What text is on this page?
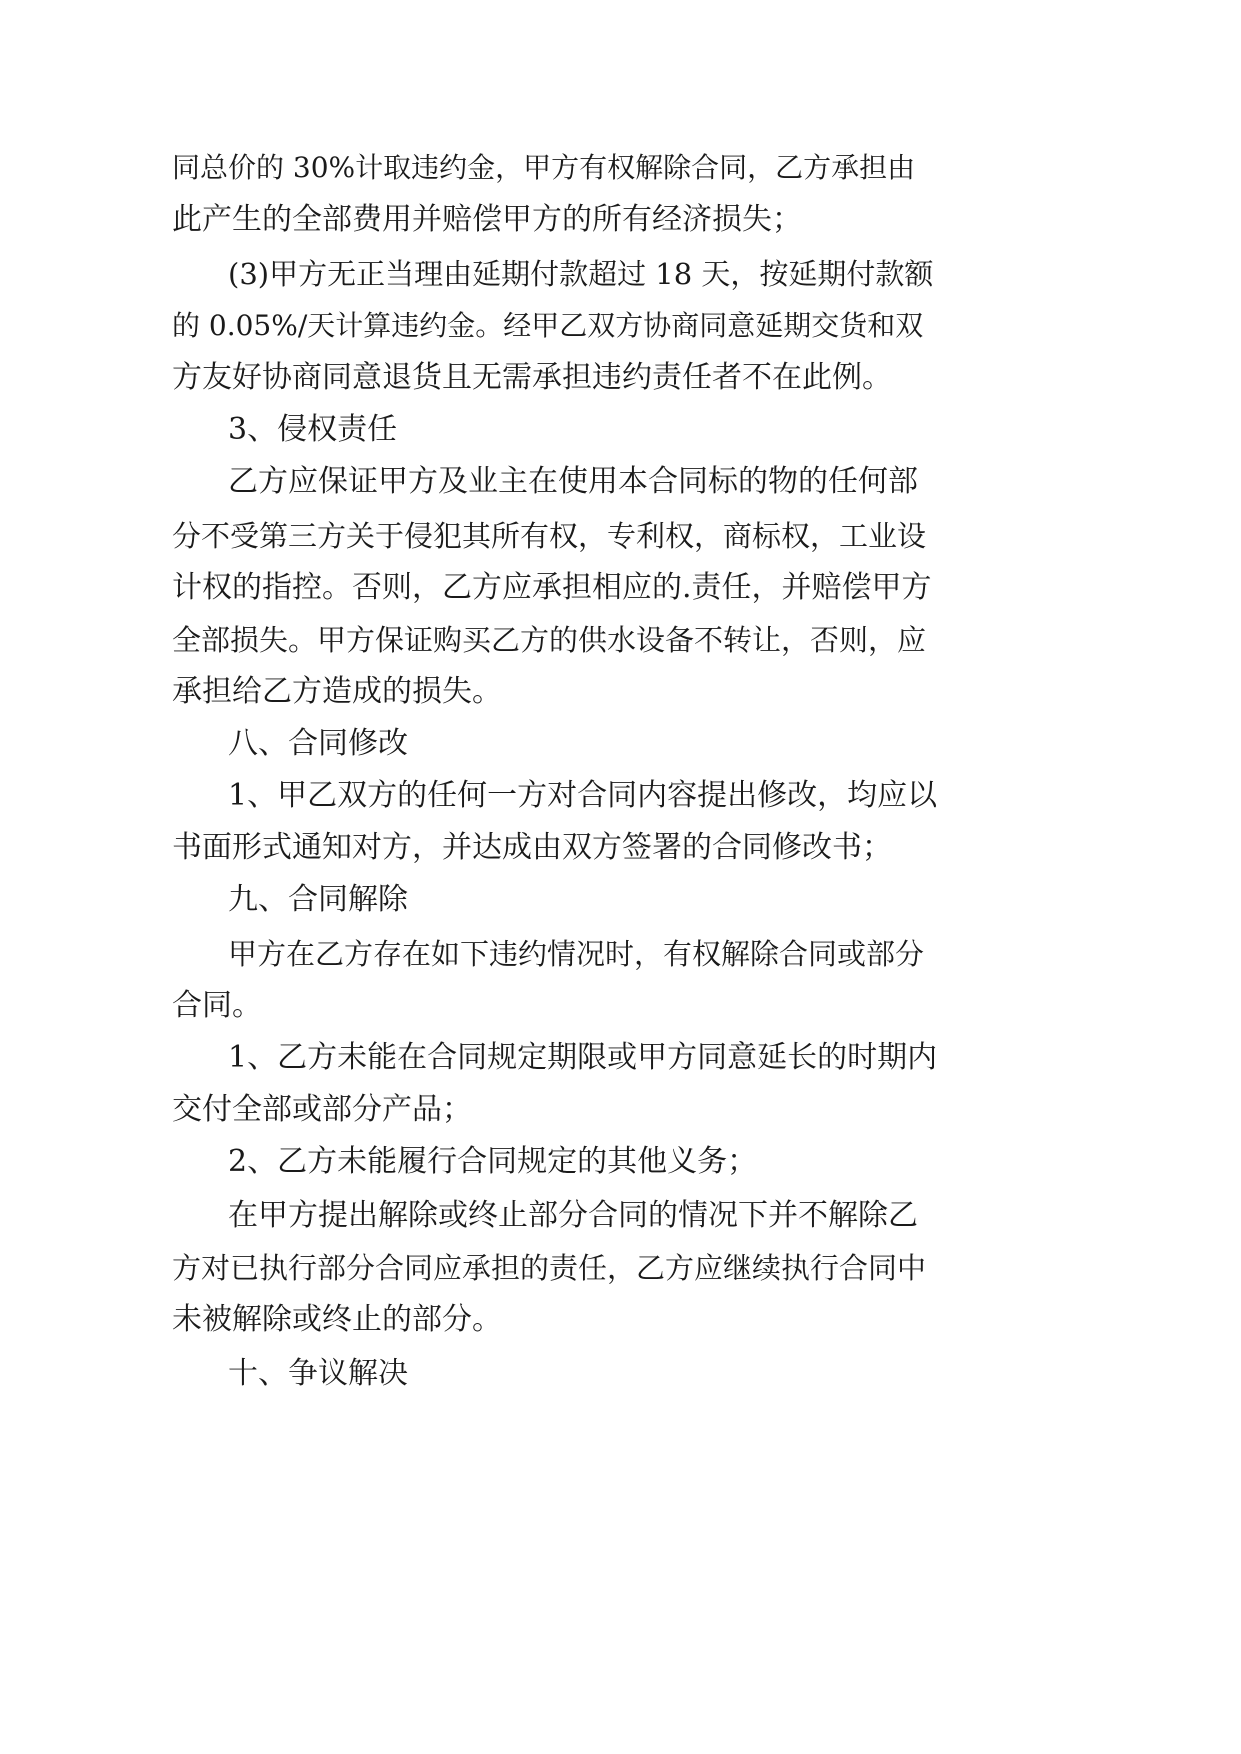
同总价的 30%计取违约金，甲方有权解除合同，乙方承担由
此产生的全部费用并赔偿甲方的所有经济损失；
(3)甲方无正当理由延期付款超过 18 天，按延期付款额
的 0.05%/天计算违约金。经甲乙双方协商同意延期交货和双
方友好协商同意退货且无需承担违约责任者不在此例。
3、侵权责任
乙方应保证甲方及业主在使用本合同标的物的任何部
分不受第三方关于侵犯其所有权，专利权，商标权，工业设
计权的指控。否则，乙方应承担相应的.责任，并赔偿甲方
全部损失。甲方保证购买乙方的供水设备不转让，否则，应
承担给乙方造成的损失。
八、合同修改
1、甲乙双方的任何一方对合同内容提出修改，均应以
书面形式通知对方，并达成由双方签署的合同修改书；
九、合同解除
甲方在乙方存在如下违约情况时，有权解除合同或部分
合同。
1、乙方未能在合同规定期限或甲方同意延长的时期内
交付全部或部分产品；
2、乙方未能履行合同规定的其他义务；
在甲方提出解除或终止部分合同的情况下并不解除乙
方对已执行部分合同应承担的责任，乙方应继续执行合同中
未被解除或终止的部分。
十、争议解决
